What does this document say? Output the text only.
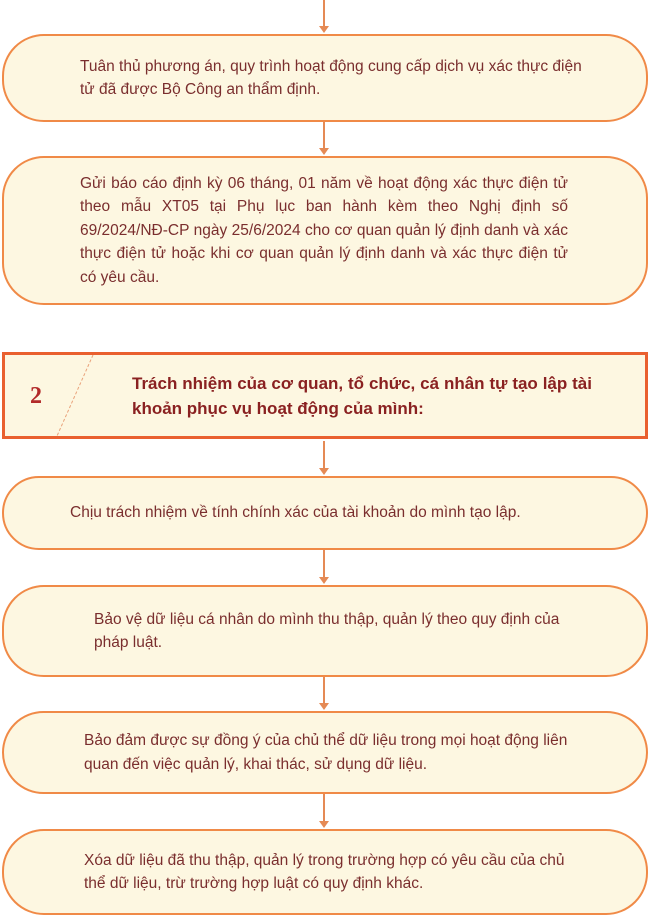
Tuân thủ phương án, quy trình hoạt động cung cấp dịch vụ xác thực điện tử đã được Bộ Công an thẩm định.

Gửi báo cáo định kỳ 06 tháng, 01 năm về hoạt động xác thực điện tử theo mẫu XT05 tại Phụ lục ban hành kèm theo Nghị định số 69/2024/NĐ-CP ngày 25/6/2024 cho cơ quan quản lý định danh và xác thực điện tử hoặc khi cơ quan quản lý định danh và xác thực điện tử có yêu cầu.

2	Trách nhiệm của cơ quan, tổ chức, cá nhân tự tạo lập tài khoản phục vụ hoạt động của mình:

Chịu trách nhiệm về tính chính xác của tài khoản do mình tạo lập.

Bảo vệ dữ liệu cá nhân do mình thu thập, quản lý theo quy định của pháp luật.

Bảo đảm được sự đồng ý của chủ thể dữ liệu trong mọi hoạt động liên quan đến việc quản lý, khai thác, sử dụng dữ liệu.

Xóa dữ liệu đã thu thập, quản lý trong trường hợp có yêu cầu của chủ thể dữ liệu, trừ trường hợp luật có quy định khác.
